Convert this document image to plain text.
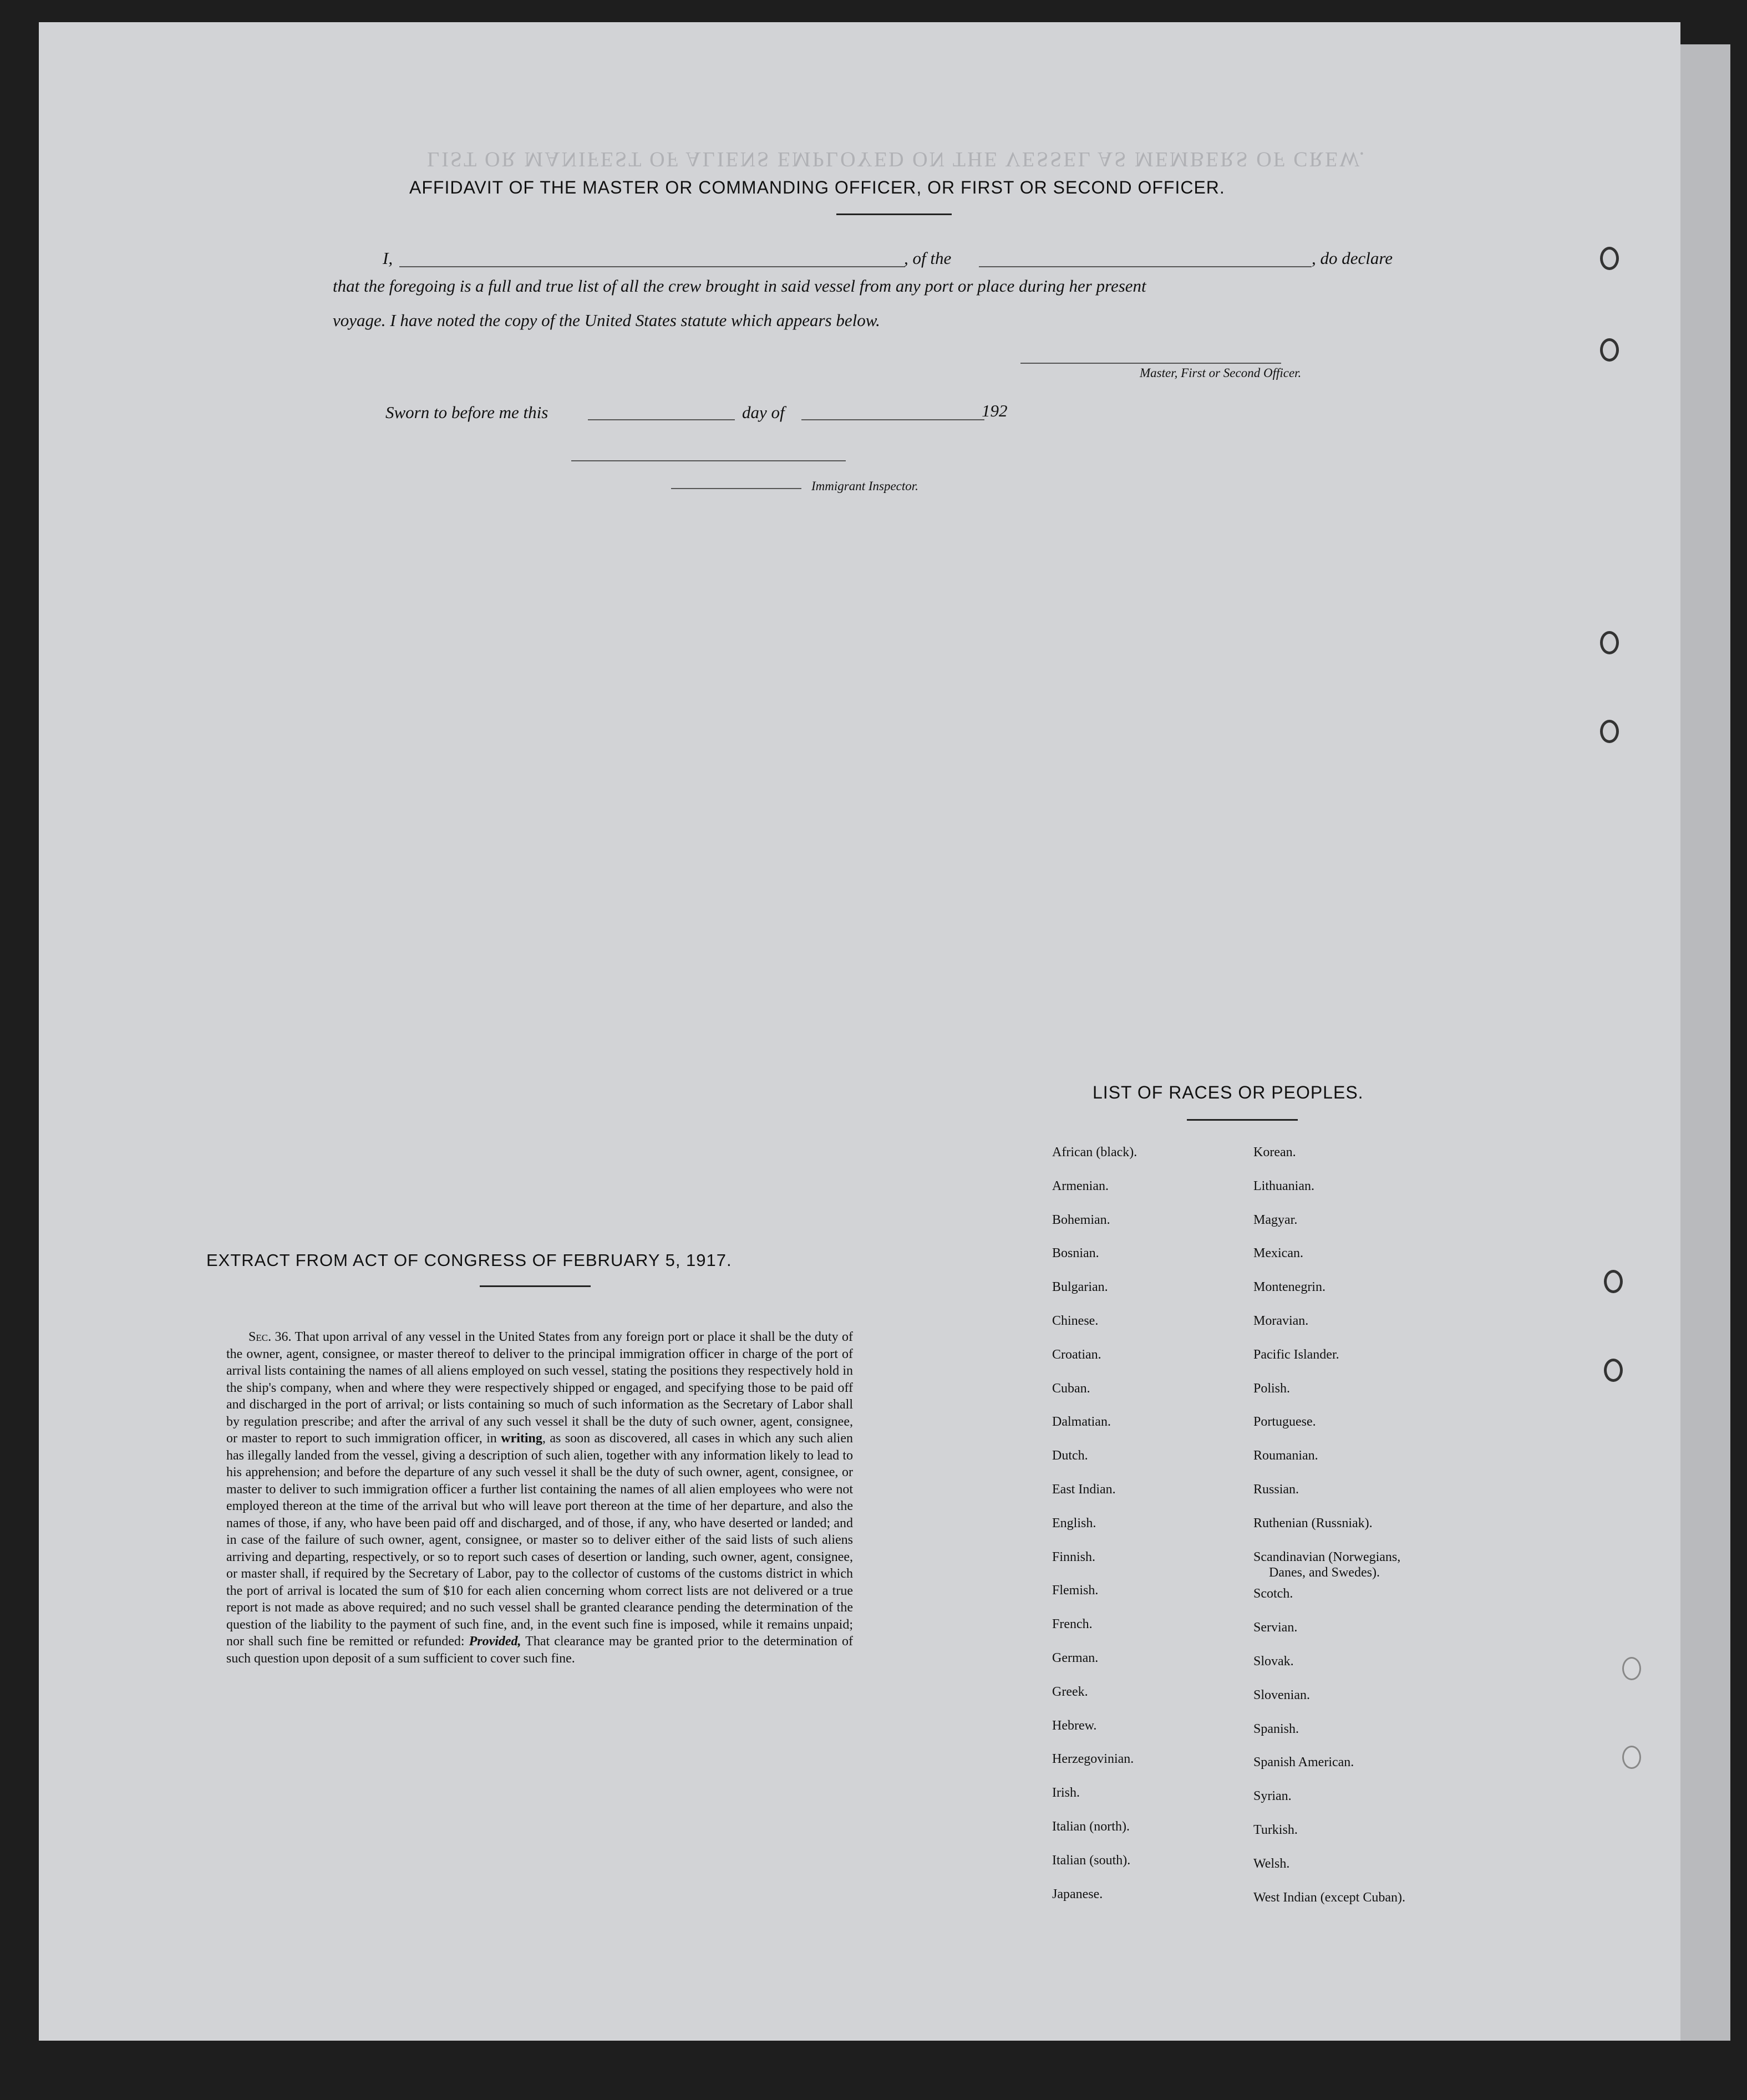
LIST OR MANIFEST OF ALIENS EMPLOYED ON THE VESSEL AS MEMBERS OF CREW.
AFFIDAVIT OF THE MASTER OR COMMANDING OFFICER, OR FIRST OR SECOND OFFICER.
I,	, of the	, do declare
that the foregoing is a full and true list of all the crew brought in said vessel from any port or place during her present
voyage. I have noted the copy of the United States statute which appears below.
Master, First or Second Officer.
Sworn to before me this	day of	192
Immigrant Inspector.
EXTRACT FROM ACT OF CONGRESS OF FEBRUARY 5, 1917.
Sec. 36. That upon arrival of any vessel in the United States from any foreign port or place it shall be the duty of the owner, agent, consignee, or master thereof to deliver to the principal immigration officer in charge of the port of arrival lists containing the names of all aliens employed on such vessel, stating the positions they respectively hold in the ship's company, when and where they were respectively shipped or engaged, and specifying those to be paid off and discharged in the port of arrival; or lists containing so much of such information as the Secretary of Labor shall by regulation prescribe; and after the arrival of any such vessel it shall be the duty of such owner, agent, consignee, or master to report to such immigration officer, in writing, as soon as discovered, all cases in which any such alien has illegally landed from the vessel, giving a description of such alien, together with any information likely to lead to his apprehension; and before the departure of any such vessel it shall be the duty of such owner, agent, consignee, or master to deliver to such immigration officer a further list containing the names of all alien employees who were not employed thereon at the time of the arrival but who will leave port thereon at the time of her departure, and also the names of those, if any, who have been paid off and discharged, and of those, if any, who have deserted or landed; and in case of the failure of such owner, agent, consignee, or master so to deliver either of the said lists of such aliens arriving and departing, respectively, or so to report such cases of desertion or landing, such owner, agent, consignee, or master shall, if required by the Secretary of Labor, pay to the collector of customs of the customs district in which the port of arrival is located the sum of $10 for each alien concerning whom correct lists are not delivered or a true report is not made as above required; and no such vessel shall be granted clearance pending the determination of the question of the liability to the payment of such fine, and, in the event such fine is imposed, while it remains unpaid; nor shall such fine be remitted or refunded: Provided, That clearance may be granted prior to the determination of such question upon deposit of a sum sufficient to cover such fine.
LIST OF RACES OR PEOPLES.
African (black).
Armenian.
Bohemian.
Bosnian.
Bulgarian.
Chinese.
Croatian.
Cuban.
Dalmatian.
Dutch.
East Indian.
English.
Finnish.
Flemish.
French.
German.
Greek.
Hebrew.
Herzegovinian.
Irish.
Italian (north).
Italian (south).
Japanese.
Korean.
Lithuanian.
Magyar.
Mexican.
Montenegrin.
Moravian.
Pacific Islander.
Polish.
Portuguese.
Roumanian.
Russian.
Ruthenian (Russniak).
Scandinavian (Norwegians,
Scotch.
Servian.
Slovak.
Slovenian.
Spanish.
Spanish American.
Syrian.
Turkish.
Welsh.
West Indian (except Cuban).
Danes, and Swedes).
